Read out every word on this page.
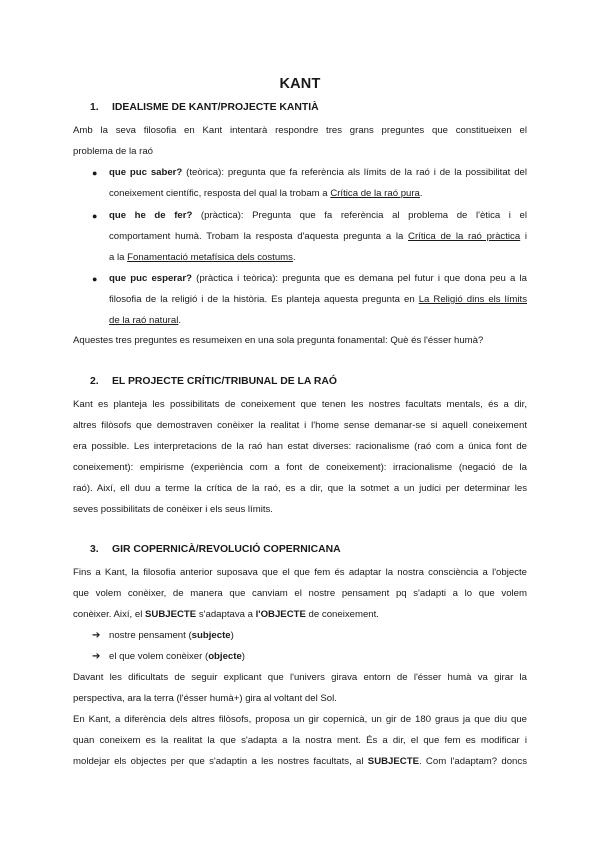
KANT
1. IDEALISME DE KANT/PROJECTE KANTIÀ
Amb la seva filosofia en Kant intentarà respondre tres grans preguntes que constitueixen el
problema de la raó
● que puc saber? (teòrica): pregunta que fa referència als límits de la raó i de la possibilitat del
coneixement científic, resposta del qual la trobam a Crítica de la raó pura.
● que he de fer? (pràctica): Pregunta que fa referència al problema de l'ètica i el
comportament humà. Trobam la resposta d'aquesta pregunta a la Crítica de la raó pràctica i
a la Fonamentació metafísica dels costums.
● que puc esperar? (pràctica i teòrica): pregunta que es demana pel futur i que dona peu a la
filosofia de la religió i de la història. Es planteja aquesta pregunta en La Religió dins els límits
de la raó natural.
Aquestes tres preguntes es resumeixen en una sola pregunta fonamental: Què és l'ésser humà?
2. EL PROJECTE CRÍTIC/TRIBUNAL DE LA RAÓ
Kant es planteja les possibilitats de coneixement que tenen les nostres facultats mentals, és a dir,
altres filòsofs que demostraven conèixer la realitat i l'home sense demanar-se si aquell coneixement
era possible. Les interpretacions de la raó han estat diverses: racionalisme (raó com a única font de
coneixement): empirisme (experiència com a font de coneixement): irracionalisme (negació de la
raó). Així, ell duu a terme la crítica de la raó, es a dir, que la sotmet a un judici per determinar les
seves possibilitats de conèixer i els seus límits.
3. GIR COPERNICÀ/REVOLUCIÓ COPERNICANA
Fins a Kant, la filosofia anterior suposava que el que fem és adaptar la nostra consciència a l'objecte
que volem conèixer, de manera que canviam el nostre pensament pq s'adapti a lo que volem
conèixer. Així, el SUBJECTE s'adaptava a l'OBJECTE de coneixement.
➔ nostre pensament (subjecte)
➔ el que volem conèixer (objecte)
Davant les dificultats de seguir explicant que l'univers girava entorn de l'ésser humà va girar la
perspectiva, ara la terra (l'ésser humà+) gira al voltant del Sol.
En Kant, a diferència dels altres filòsofs, proposa un gir copernicà, un gir de 180 graus ja que diu que
quan coneixem es la realitat la que s'adapta a la nostra ment. És a dir, el que fem es modificar i
moldejar els objectes per que s'adaptin a les nostres facultats, al SUBJECTE. Com l'adaptam? doncs
